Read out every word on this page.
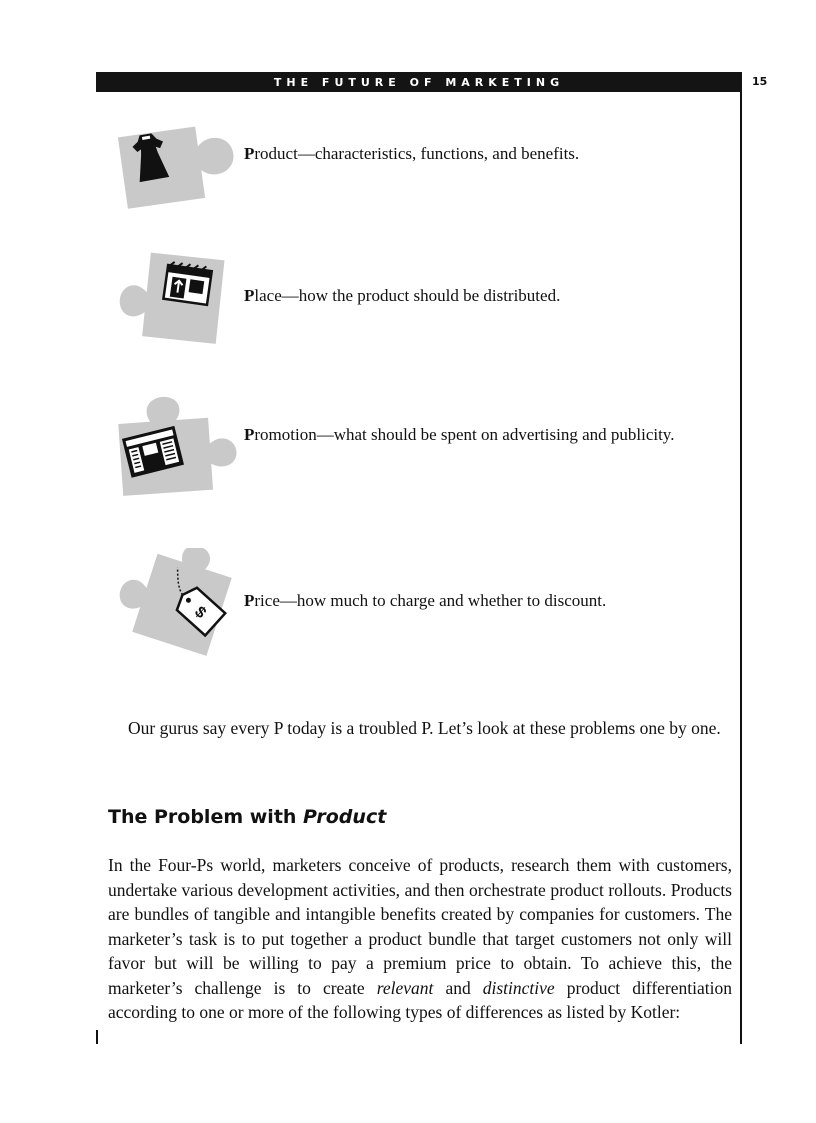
THE FUTURE OF MARKETING	15
Product—characteristics, functions, and benefits.
Place—how the product should be distributed.
Promotion—what should be spent on advertising and publicity.
$
Price—how much to charge and whether to discount.
Our gurus say every P today is a troubled P. Let’s look at these problems one by one.
The Problem with Product
In the Four-Ps world, marketers conceive of products, research them with customers, undertake various development activities, and then orchestrate product rollouts. Products are bundles of tangible and intangible benefits created by companies for customers. The marketer’s task is to put together a product bundle that target customers not only will favor but will be willing to pay a premium price to obtain. To achieve this, the marketer’s challenge is to create relevant and distinctive product differentiation according to one or more of the following types of differences as listed by Kotler:
